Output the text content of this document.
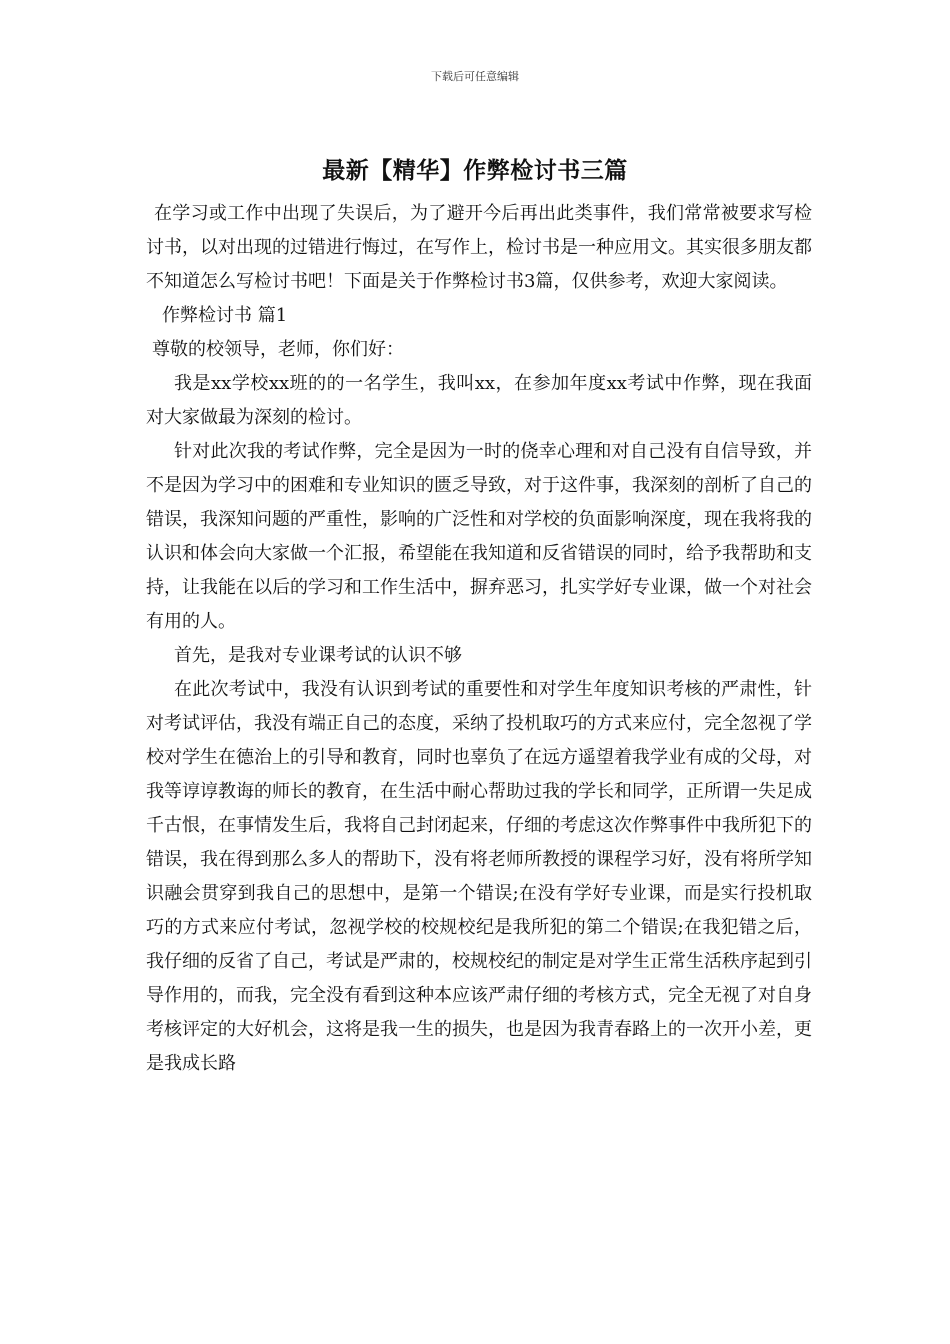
下载后可任意编辑
最新【精华】作弊检讨书三篇

在学习或工作中出现了失误后，为了避开今后再出此类事件，我们常常被要求写检讨书，以对出现的过错进行悔过，在写作上，检讨书是一种应用文。其实很多朋友都不知道怎么写检讨书吧！下面是关于作弊检讨书3篇，仅供参考，欢迎大家阅读。

作弊检讨书 篇1

尊敬的校领导，老师，你们好：

我是xx学校xx班的的一名学生，我叫xx，在参加年度xx考试中作弊，现在我面对大家做最为深刻的检讨。

针对此次我的考试作弊，完全是因为一时的侥幸心理和对自己没有自信导致，并不是因为学习中的困难和专业知识的匮乏导致，对于这件事，我深刻的剖析了自己的错误，我深知问题的严重性，影响的广泛性和对学校的负面影响深度，现在我将我的认识和体会向大家做一个汇报，希望能在我知道和反省错误的同时，给予我帮助和支持，让我能在以后的学习和工作生活中，摒弃恶习，扎实学好专业课，做一个对社会有用的人。

首先，是我对专业课考试的认识不够

在此次考试中，我没有认识到考试的重要性和对学生年度知识考核的严肃性，针对考试评估，我没有端正自己的态度，采纳了投机取巧的方式来应付，完全忽视了学校对学生在德治上的引导和教育，同时也辜负了在远方遥望着我学业有成的父母，对我等谆谆教诲的师长的教育，在生活中耐心帮助过我的学长和同学，正所谓一失足成千古恨，在事情发生后，我将自己封闭起来，仔细的考虑这次作弊事件中我所犯下的错误，我在得到那么多人的帮助下，没有将老师所教授的课程学习好，没有将所学知识融会贯穿到我自己的思想中，是第一个错误;在没有学好专业课，而是实行投机取巧的方式来应付考试，忽视学校的校规校纪是我所犯的第二个错误;在我犯错之后，我仔细的反省了自己，考试是严肃的，校规校纪的制定是对学生正常生活秩序起到引导作用的，而我，完全没有看到这种本应该严肃仔细的考核方式，完全无视了对自身考核评定的大好机会，这将是我一生的损失，也是因为我青春路上的一次开小差，更是我成长路
